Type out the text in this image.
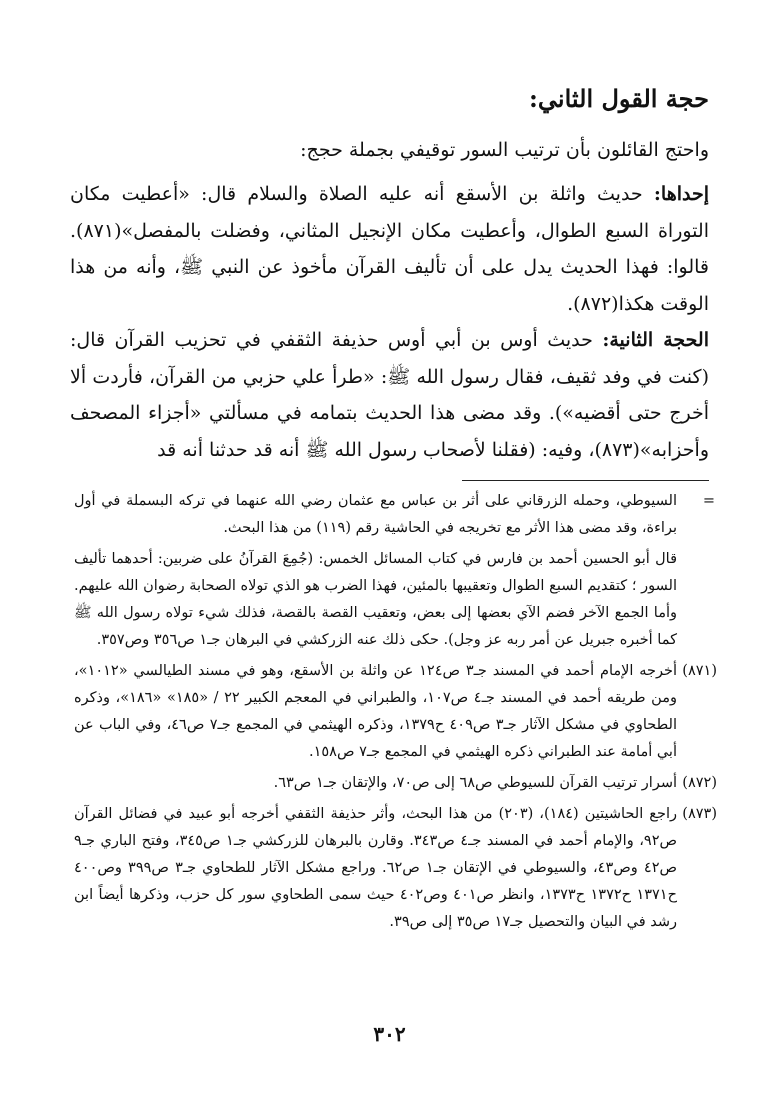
حجة القول الثاني:
واحتج القائلون بأن ترتيب السور توقيفي بجملة حجج:
إحداها: حديث واثلة بن الأسقع أنه عليه الصلاة والسلام قال: «أعطيت مكان التوراة السبع الطوال، وأعطيت مكان الإنجيل المثاني، وفضلت بالمفصل»(٨٧١). قالوا: فهذا الحديث يدل على أن تأليف القرآن مأخوذ عن النبي ﷺ، وأنه من هذا الوقت هكذا(٨٧٢).
الحجة الثانية: حديث أوس بن أبي أوس حذيفة الثقفي في تحزيب القرآن قال: (كنت في وفد ثقيف، فقال رسول الله ﷺ: «طرأ علي حزبي من القرآن، فأردت ألا أخرج حتى أقضيه»). وقد مضى هذا الحديث بتمامه في مسألتي «أجزاء المصحف وأحزابه»(٨٧٣)، وفيه: (فقلنا لأصحاب رسول الله ﷺ أنه قد حدثنا أنه قد
=

السيوطي، وحمله الزرقاني على أثر بن عباس مع عثمان رضي الله عنهما في تركه البسملة في أول براءة، وقد مضى هذا الأثر مع تخريجه في الحاشية رقم (١١٩) من هذا البحث.

قال أبو الحسين أحمد بن فارس في كتاب المسائل الخمس: (جُمِعَ القرآنُ على ضربين: أحدهما تأليف السور ؛ كتقديم السبع الطوال وتعقيبها بالمئين، فهذا الضرب هو الذي تولاه الصحابة رضوان الله عليهم. وأما الجمع الآخر فضم الآي بعضها إلى بعض، وتعقيب القصة بالقصة، فذلك شيء تولاه رسول الله ﷺ كما أخبره جبريل عن أمر ربه عز وجل). حكى ذلك عنه الزركشي في البرهان جـ١ ص٣٥٦ وص٣٥٧.

(٨٧١)
أخرجه الإمام أحمد في المسند جـ٣ ص١٢٤ عن واثلة بن الأسقع، وهو في مسند الطيالسي «١٠١٢»، ومن طريقه أحمد في المسند جـ٤ ص١٠٧، والطبراني في المعجم الكبير ٢٢ / «١٨٥» «١٨٦»، وذكره الطحاوي في مشكل الآثار جـ٣ ص٤٠٩ ح١٣٧٩، وذكره الهيثمي في المجمع جـ٧ ص٤٦، وفي الباب عن أبي أمامة عند الطبراني ذكره الهيثمي في المجمع جـ٧ ص١٥٨.
(٨٧٢)
أسرار ترتيب القرآن للسيوطي ص٦٨ إلى ص٧٠، والإتقان جـ١ ص٦٣.
(٨٧٣)
راجع الحاشيتين (١٨٤)، (٢٠٣) من هذا البحث، وأثر حذيفة الثقفي أخرجه أبو عبيد في فضائل القرآن ص٩٢، والإمام أحمد في المسند جـ٤ ص٣٤٣. وقارن بالبرهان للزركشي جـ١ ص٣٤٥، وفتح الباري جـ٩ ص٤٢ وص٤٣، والسيوطي في الإتقان جـ١ ص٦٢. وراجع مشكل الآثار للطحاوي جـ٣ ص٣٩٩ وص٤٠٠ ح١٣٧١ ح١٣٧٢ ح١٣٧٣، وانظر ص٤٠١ وص٤٠٢ حيث سمى الطحاوي سور كل حزب، وذكرها أيضاً ابن رشد في البيان والتحصيل جـ١٧ ص٣٥ إلى ص٣٩.
٣٠٢
